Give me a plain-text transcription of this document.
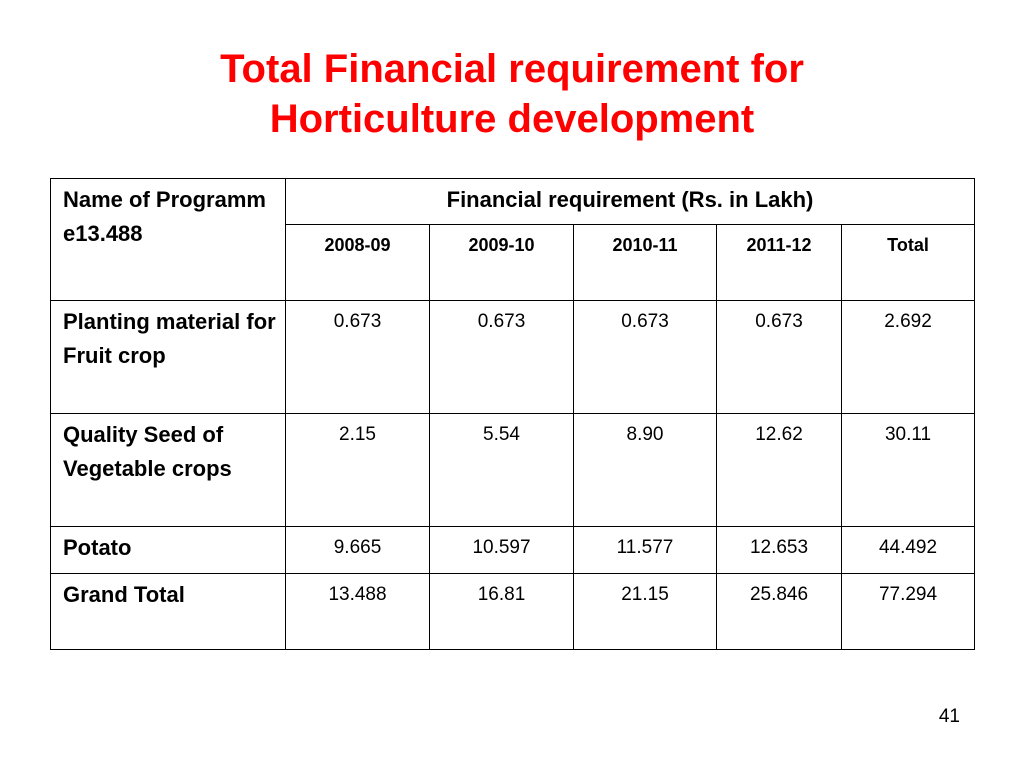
Total Financial requirement for
Horticulture development
Name of Programme13.488	Financial requirement (Rs. in Lakh)				
	2008-09	2009-10	2010-11	2011-12	Total
Planting material for Fruit crop	0.673	0.673	0.673	0.673	2.692
Quality Seed of Vegetable crops	2.15	5.54	8.90	12.62	30.11
Potato	9.665	10.597	11.577	12.653	44.492
Grand Total	13.488	16.81	21.15	25.846	77.294
41
